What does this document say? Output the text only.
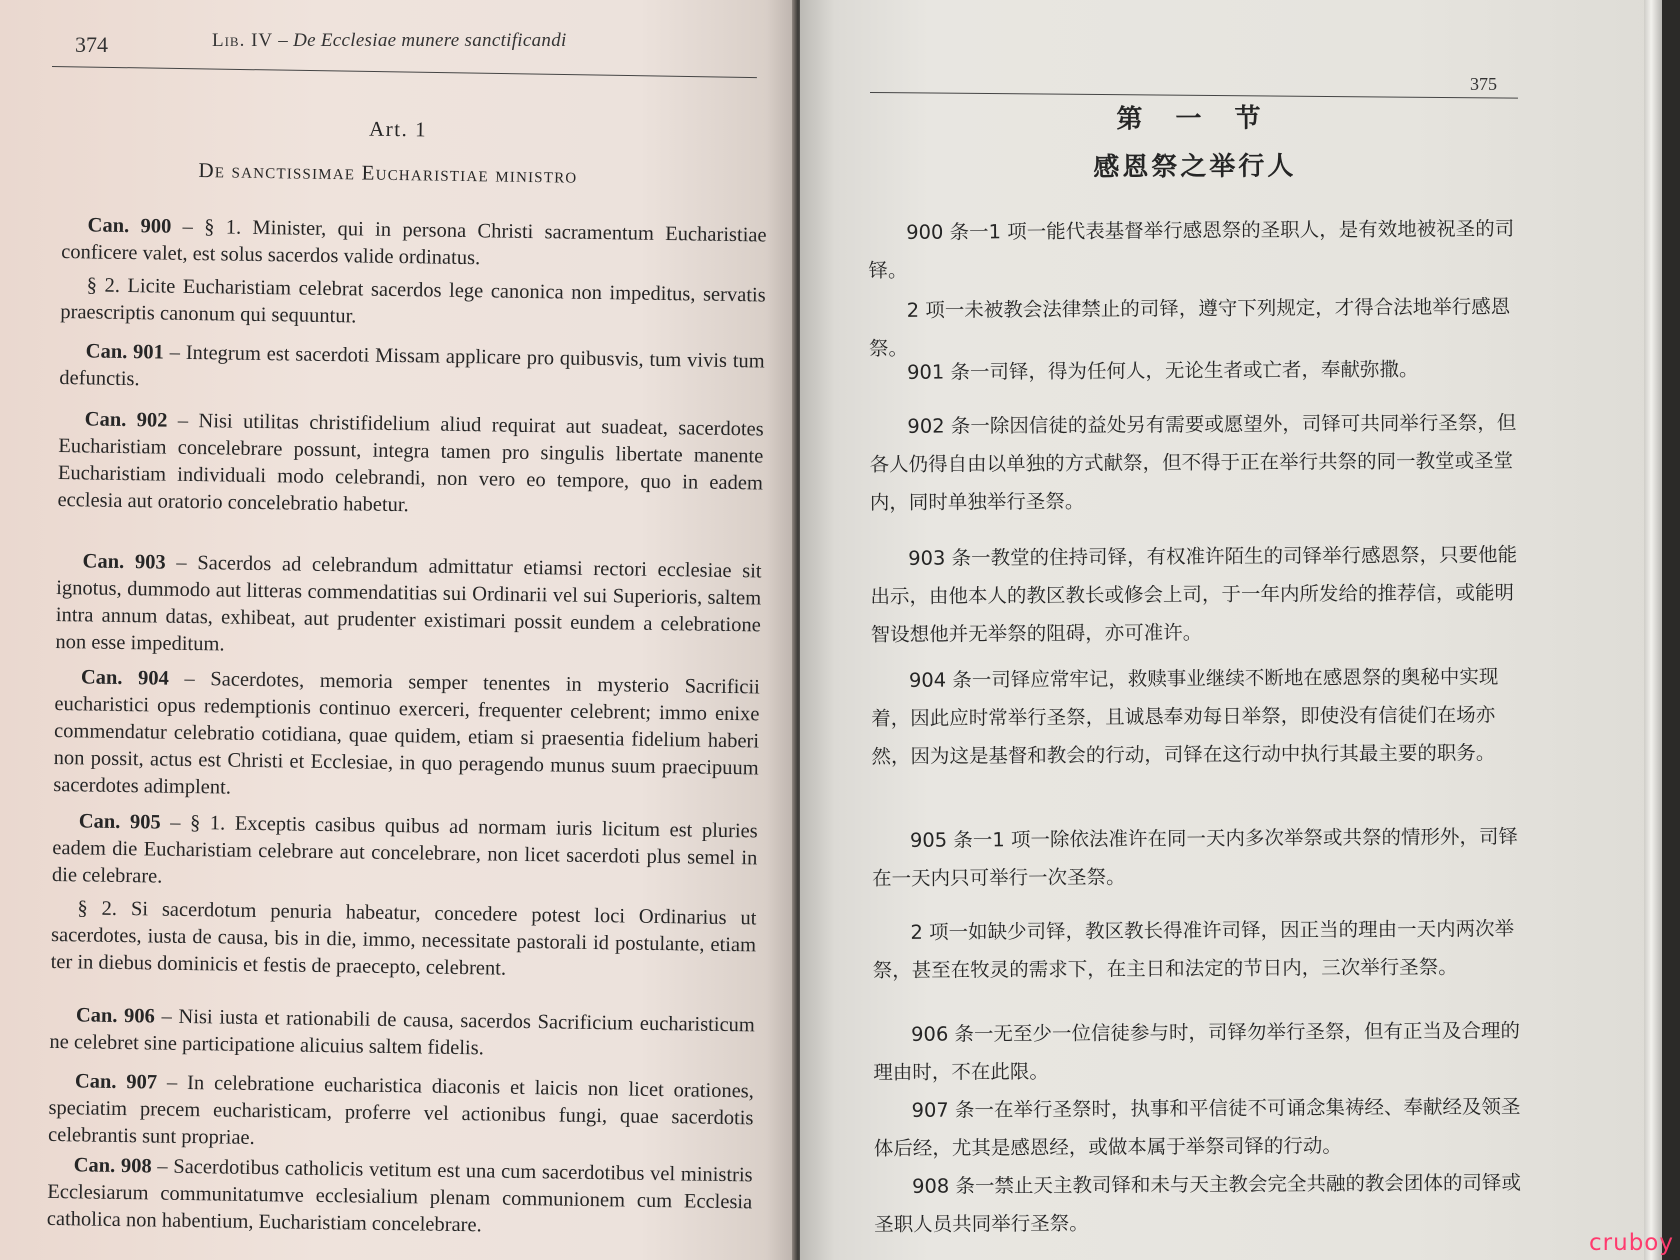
374	Lib. IV – De Ecclesiae munere sanctificandi
Art. 1
De sanctissimae Eucharistiae ministro

Can. 900 – § 1. Minister, qui in persona Christi sacramentum Eucharistiae conficere valet, est solus sacerdos valide ordinatus.

§ 2. Licite Eucharistiam celebrat sacerdos lege canonica non impeditus, servatis praescriptis canonum qui sequuntur.

Can. 901 – Integrum est sacerdoti Missam applicare pro quibusvis, tum vivis tum defunctis.

Can. 902 – Nisi utilitas christifidelium aliud requirat aut suadeat, sacerdotes Eucharistiam concelebrare possunt, integra tamen pro singulis libertate manente Eucharistiam individuali modo celebrandi, non vero eo tempore, quo in eadem ecclesia aut oratorio concelebratio habetur.

Can. 903 – Sacerdos ad celebrandum admittatur etiamsi rectori ecclesiae sit ignotus, dummodo aut litteras commendatitias sui Ordinarii vel sui Superioris, saltem intra annum datas, exhibeat, aut prudenter existimari possit eundem a celebratione non esse impeditum.

Can. 904 – Sacerdotes, memoria semper tenentes in mysterio Sacrificii eucharistici opus redemptionis continuo exerceri, frequenter celebrent; immo enixe commendatur celebratio cotidiana, quae quidem, etiam si praesentia fidelium haberi non possit, actus est Christi et Ecclesiae, in quo peragendo munus suum praecipuum sacerdotes adimplent.

Can. 905 – § 1. Exceptis casibus quibus ad normam iuris licitum est pluries eadem die Eucharistiam celebrare aut concelebrare, non licet sacerdoti plus semel in die celebrare.

§ 2. Si sacerdotum penuria habeatur, concedere potest loci Ordinarius ut sacerdotes, iusta de causa, bis in die, immo, necessitate pastorali id postulante, etiam ter in diebus dominicis et festis de praecepto, celebrent.

Can. 906 – Nisi iusta et rationabili de causa, sacerdos Sacrificium eucharisticum ne celebret sine participatione alicuius saltem fidelis.

Can. 907 – In celebratione eucharistica diaconis et laicis non licet orationes, speciatim precem eucharisticam, proferre vel actionibus fungi, quae sacerdotis celebrantis sunt propriae.

Can. 908 – Sacerdotibus catholicis vetitum est una cum sacerdotibus vel ministris Ecclesiarum communitatumve ecclesialium plenam communionem cum Ecclesia catholica non habentium, Eucharistiam concelebrare.

375
第 一 节
感恩祭之举行人

900 条一1 项一能代表基督举行感恩祭的圣职人，是有效地被祝圣的司铎。

2 项一未被教会法律禁止的司铎，遵守下列规定，才得合法地举行感恩祭。

901 条一司铎，得为任何人，无论生者或亡者，奉献弥撒。

902 条一除因信徒的益处另有需要或愿望外，司铎可共同举行圣祭，但各人仍得自由以单独的方式献祭，但不得于正在举行共祭的同一教堂或圣堂内，同时单独举行圣祭。

903 条一教堂的住持司铎，有权准许陌生的司铎举行感恩祭，只要他能出示，由他本人的教区教长或修会上司，于一年内所发给的推荐信，或能明智设想他并无举祭的阻碍，亦可准许。

904 条一司铎应常牢记，救赎事业继续不断地在感恩祭的奥秘中实现着，因此应时常举行圣祭，且诚恳奉劝每日举祭，即使没有信徒们在场亦然，因为这是基督和教会的行动，司铎在这行动中执行其最主要的职务。

905 条一1 项一除依法准许在同一天内多次举祭或共祭的情形外，司铎在一天内只可举行一次圣祭。

2 项一如缺少司铎，教区教长得准许司铎，因正当的理由一天内两次举祭，甚至在牧灵的需求下，在主日和法定的节日内，三次举行圣祭。

906 条一无至少一位信徒参与时，司铎勿举行圣祭，但有正当及合理的理由时，不在此限。

907 条一在举行圣祭时，执事和平信徒不可诵念集祷经、奉献经及领圣体后经，尤其是感恩经，或做本属于举祭司铎的行动。

908 条一禁止天主教司铎和未与天主教会完全共融的教会团体的司铎或圣职人员共同举行圣祭。

cruboy
